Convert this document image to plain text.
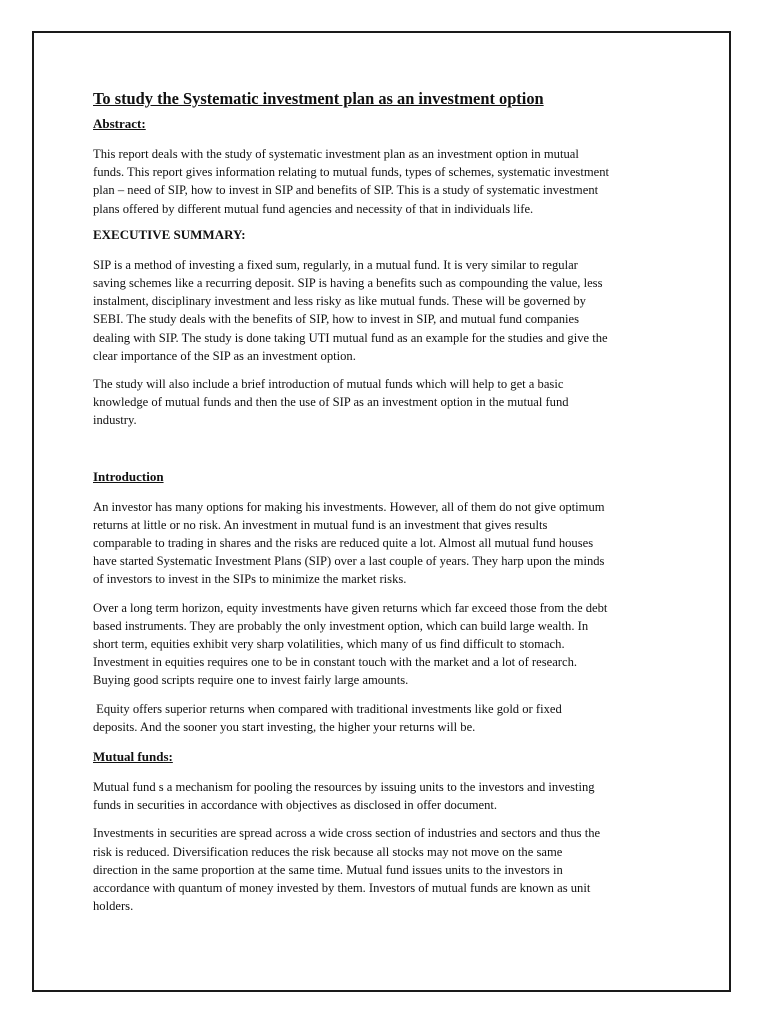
To study the Systematic investment plan as an investment option
Abstract:
This report deals with the study of systematic investment plan as an investment option in mutual
funds. This report gives information relating to mutual funds, types of schemes, systematic investment
plan – need of SIP, how to invest in SIP and benefits of SIP. This is a study of systematic investment
plans offered by different mutual fund agencies and necessity of that in individuals life.
EXECUTIVE SUMMARY:
SIP is a method of investing a fixed sum, regularly, in a mutual fund. It is very similar to regular
saving schemes like a recurring deposit. SIP is having a benefits such as compounding the value, less
instalment, disciplinary investment and less risky as like mutual funds. These will be governed by
SEBI. The study deals with the benefits of SIP, how to invest in SIP, and mutual fund companies
dealing with SIP. The study is done taking UTI mutual fund as an example for the studies and give the
clear importance of the SIP as an investment option.
The study will also include a brief introduction of mutual funds which will help to get a basic
knowledge of mutual funds and then the use of SIP as an investment option in the mutual fund
industry.
Introduction
An investor has many options for making his investments. However, all of them do not give optimum
returns at little or no risk. An investment in mutual fund is an investment that gives results
comparable to trading in shares and the risks are reduced quite a lot. Almost all mutual fund houses
have started Systematic Investment Plans (SIP) over a last couple of years. They harp upon the minds
of investors to invest in the SIPs to minimize the market risks.
Over a long term horizon, equity investments have given returns which far exceed those from the debt
based instruments. They are probably the only investment option, which can build large wealth. In
short term, equities exhibit very sharp volatilities, which many of us find difficult to stomach.
Investment in equities requires one to be in constant touch with the market and a lot of research.
Buying good scripts require one to invest fairly large amounts.
Equity offers superior returns when compared with traditional investments like gold or fixed
deposits. And the sooner you start investing, the higher your returns will be.
Mutual funds:
Mutual fund s a mechanism for pooling the resources by issuing units to the investors and investing
funds in securities in accordance with objectives as disclosed in offer document.
Investments in securities are spread across a wide cross section of industries and sectors and thus the
risk is reduced. Diversification reduces the risk because all stocks may not move on the same
direction in the same proportion at the same time. Mutual fund issues units to the investors in
accordance with quantum of money invested by them. Investors of mutual funds are known as unit
holders.
